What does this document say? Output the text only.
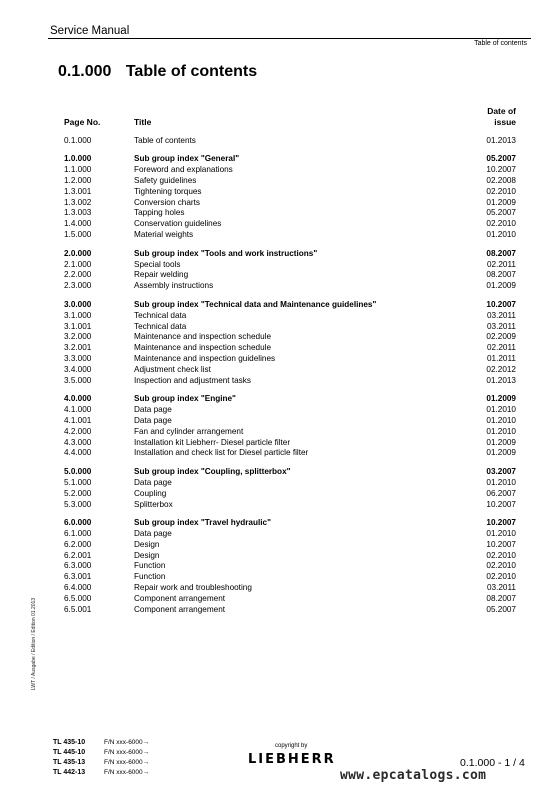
Service Manual
Table of contents
0.1.000 Table of contents
Page No.	Title	Date of
issue
0.1.000	Table of contents	01.2013

1.0.000	Sub group index "General"	05.2007
1.1.000	Foreword and explanations	10.2007
1.2.000	Safety guidelines	02.2008
1.3.001	Tightening torques	02.2010
1.3.002	Conversion charts	01.2009
1.3.003	Tapping holes	05.2007
1.4.000	Conservation guidelines	02.2010
1.5.000	Material weights	01.2010

2.0.000	Sub group index "Tools and work instructions"	08.2007
2.1.000	Special tools	02.2011
2.2.000	Repair welding	08.2007
2.3.000	Assembly instructions	01.2009

3.0.000	Sub group index "Technical data and Maintenance guidelines"	10.2007
3.1.000	Technical data	03.2011
3.1.001	Technical data	03.2011
3.2.000	Maintenance and inspection schedule	02.2009
3.2.001	Maintenance and inspection schedule	02.2011
3.3.000	Maintenance and inspection guidelines	01.2011
3.4.000	Adjustment check list	02.2012
3.5.000	Inspection and adjustment tasks	01.2013

4.0.000	Sub group index "Engine"	01.2009
4.1.000	Data page	01.2010
4.1.001	Data page	01.2010
4.2.000	Fan and cylinder arrangement	01.2010
4.3.000	Installation kit Liebherr- Diesel particle filter	01.2009
4.4.000	Installation and check list for Diesel particle filter	01.2009

5.0.000	Sub group index "Coupling, splitterbox"	03.2007
5.1.000	Data page	01.2010
5.2.000	Coupling	06.2007
5.3.000	Splitterbox	10.2007

6.0.000	Sub group index "Travel hydraulic"	10.2007
6.1.000	Data page	01.2010
6.2.000	Design	10.2007
6.2.001	Design	02.2010
6.3.000	Function	02.2010
6.3.001	Function	02.2010
6.4.000	Repair work and troubleshooting	03.2011
6.5.000	Component arrangement	08.2007
6.5.001	Component arrangement	05.2007
LWT / Ausgabe / Edition / Edition 01.2013
TL 435-10
TL 445-10
TL 435-13
TL 442-13
F/N xxx-6000→
F/N xxx-6000→
F/N xxx-6000→
F/N xxx-6000→
copyright by
LIEBHERR	0.1.000 - 1 / 4
www.epcatalogs.com
